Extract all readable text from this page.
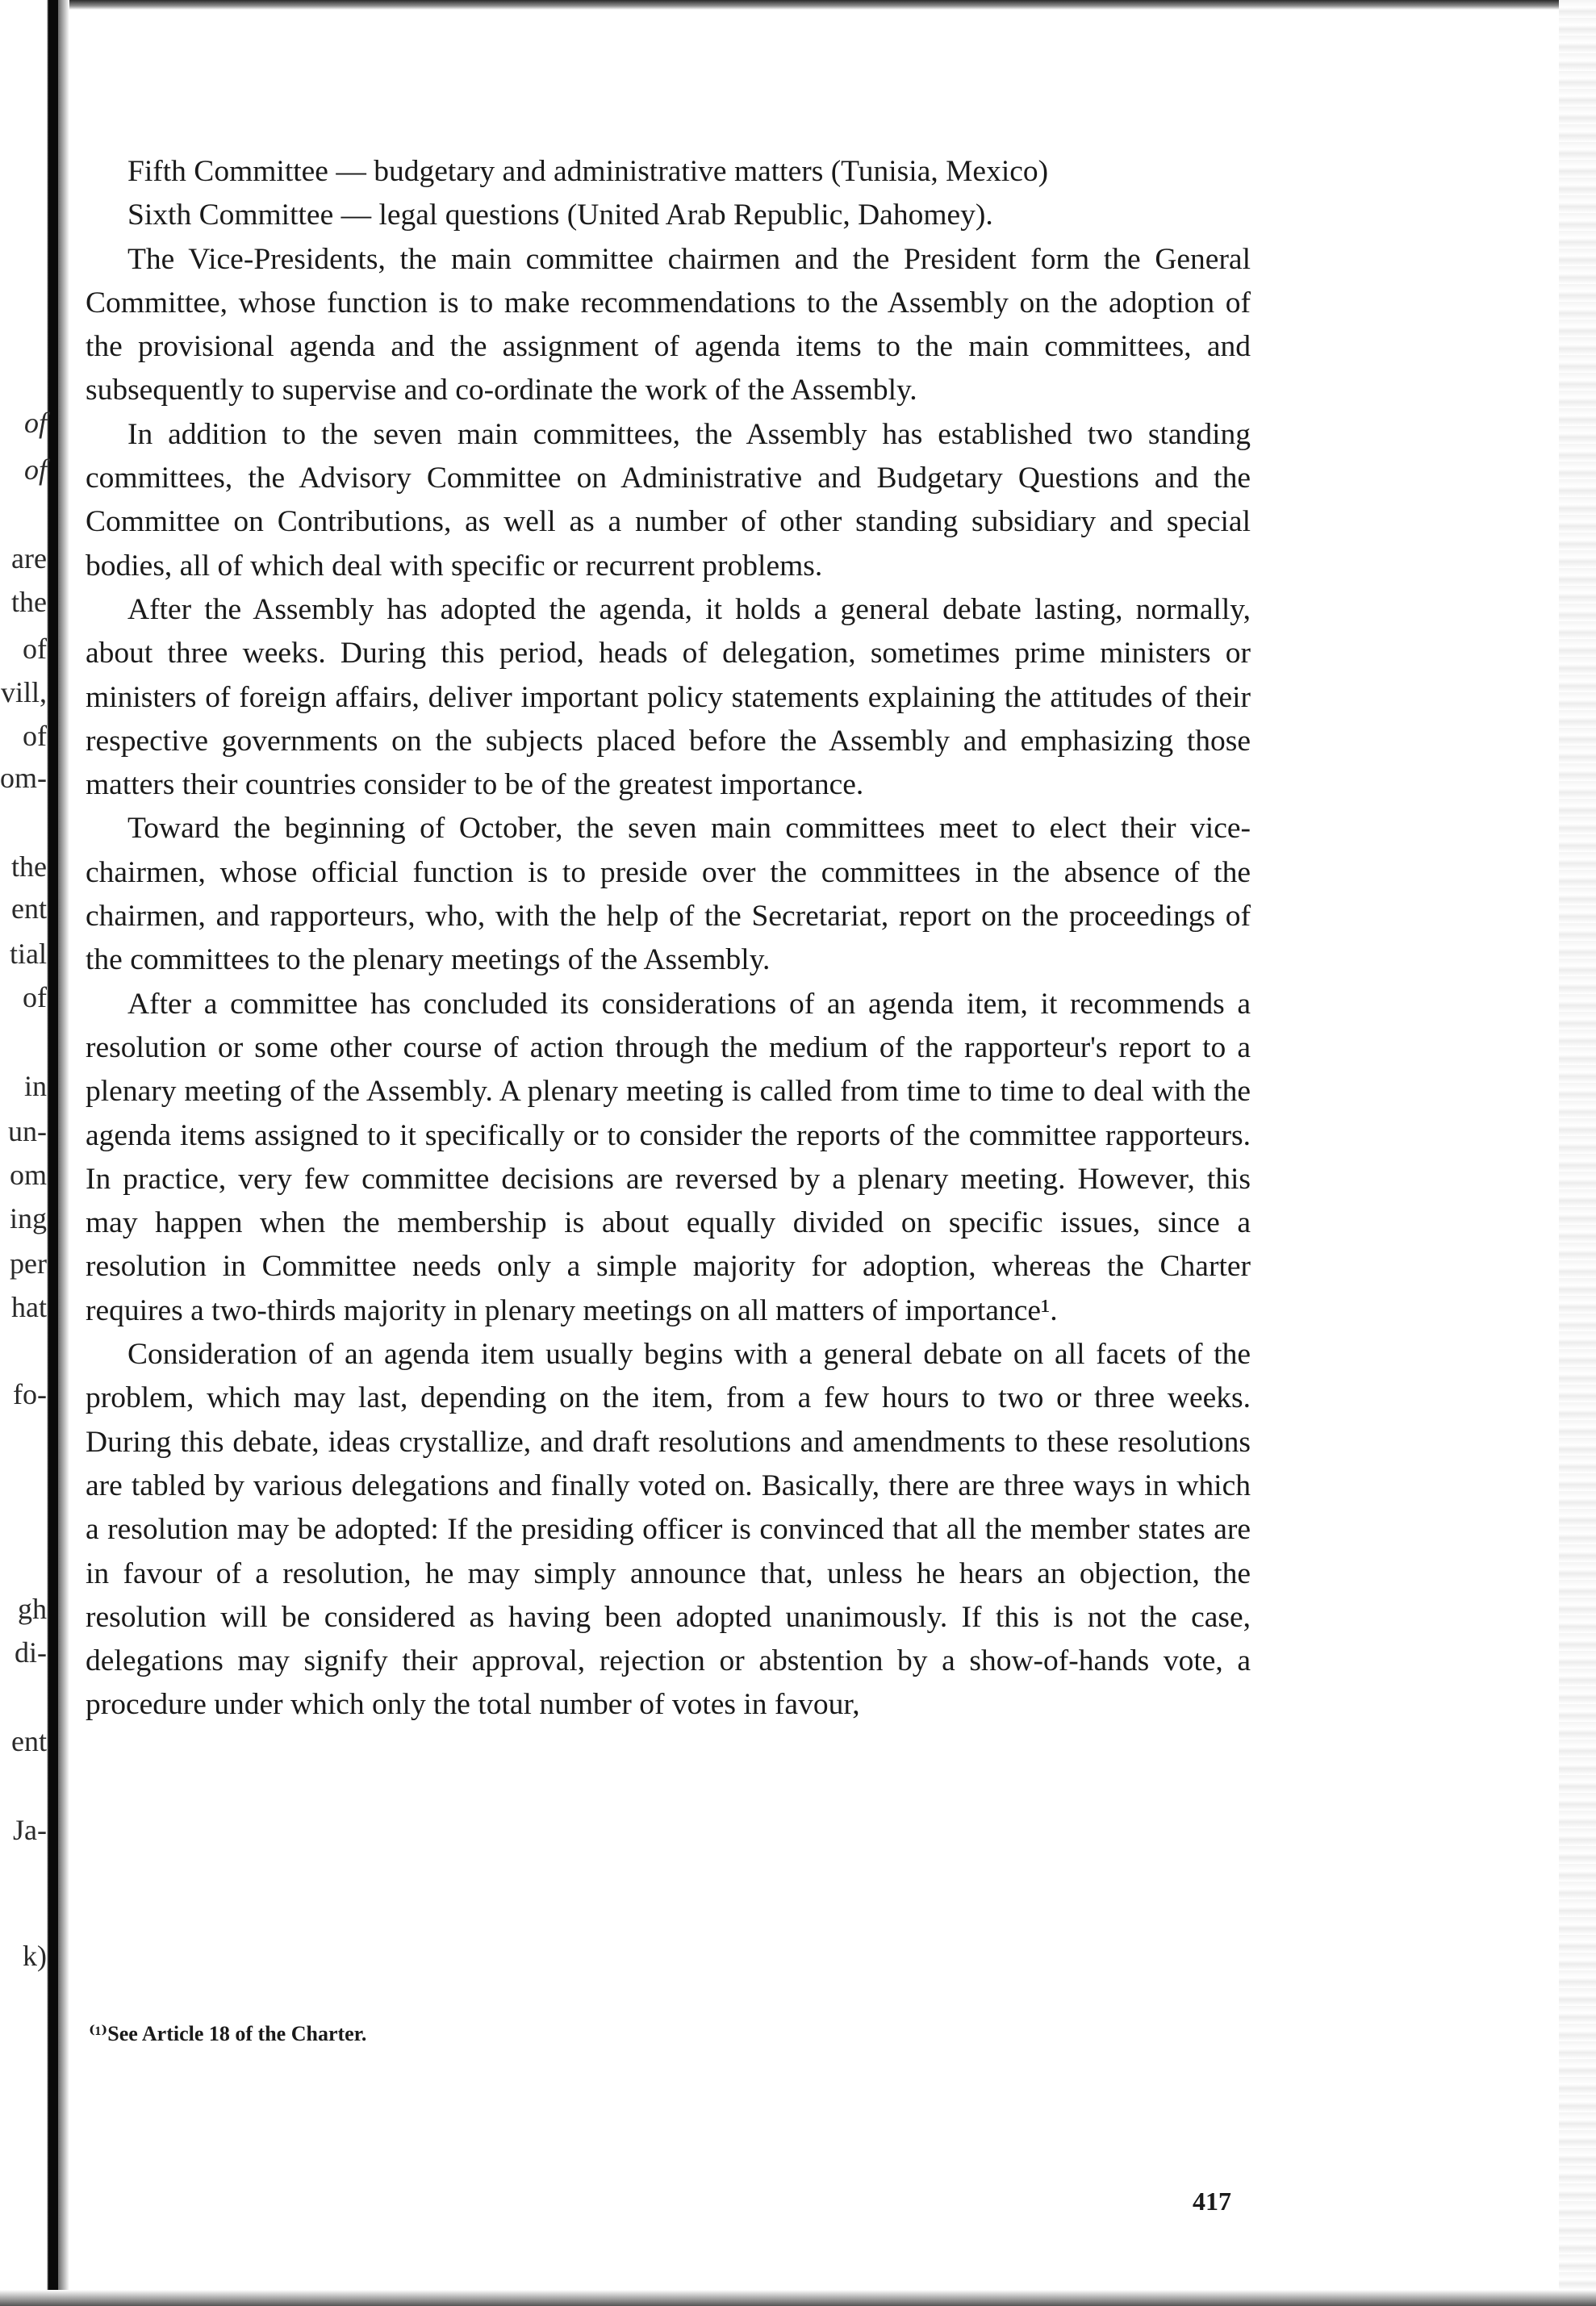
of
of
are
the
of
vill,
of
om-
the
ent
tial
of
in
un-
om
ing
per
hat
fo-
gh
di-
ent
Ja-
k)

Fifth Committee — budgetary and administrative matters (Tunisia, Mexico)

Sixth Committee — legal questions (United Arab Republic, Dahomey).

The Vice-Presidents, the main committee chairmen and the President form the General Committee, whose function is to make recommendations to the Assembly on the adoption of the provisional agenda and the assignment of agenda items to the main committees, and subsequently to supervise and co-ordinate the work of the Assembly.

In addition to the seven main committees, the Assembly has established two standing committees, the Advisory Committee on Administrative and Budgetary Questions and the Committee on Contributions, as well as a number of other standing subsidiary and special bodies, all of which deal with specific or recurrent problems.

After the Assembly has adopted the agenda, it holds a general debate lasting, normally, about three weeks. During this period, heads of delegation, sometimes prime ministers or ministers of foreign affairs, deliver important policy statements explaining the attitudes of their respective governments on the subjects placed before the Assembly and emphasizing those matters their countries consider to be of the greatest importance.

Toward the beginning of October, the seven main committees meet to elect their vice-chairmen, whose official function is to preside over the committees in the absence of the chairmen, and rapporteurs, who, with the help of the Secretariat, report on the proceedings of the committees to the plenary meetings of the Assembly.

After a committee has concluded its considerations of an agenda item, it recommends a resolution or some other course of action through the medium of the rapporteur's report to a plenary meeting of the Assembly. A plenary meeting is called from time to time to deal with the agenda items assigned to it specifically or to consider the reports of the committee rapporteurs. In practice, very few committee decisions are reversed by a plenary meeting. However, this may happen when the membership is about equally divided on specific issues, since a resolution in Committee needs only a simple majority for adoption, whereas the Charter requires a two-thirds majority in plenary meetings on all matters of importance¹.

Consideration of an agenda item usually begins with a general debate on all facets of the problem, which may last, depending on the item, from a few hours to two or three weeks. During this debate, ideas crystallize, and draft resolutions and amendments to these resolutions are tabled by various delegations and finally voted on. Basically, there are three ways in which a resolution may be adopted: If the presiding officer is convinced that all the member states are in favour of a resolution, he may simply announce that, unless he hears an objection, the resolution will be considered as having been adopted unanimously. If this is not the case, delegations may signify their approval, rejection or abstention by a show-of-hands vote, a procedure under which only the total number of votes in favour,

⁽¹⁾See Article 18 of the Charter.
417
